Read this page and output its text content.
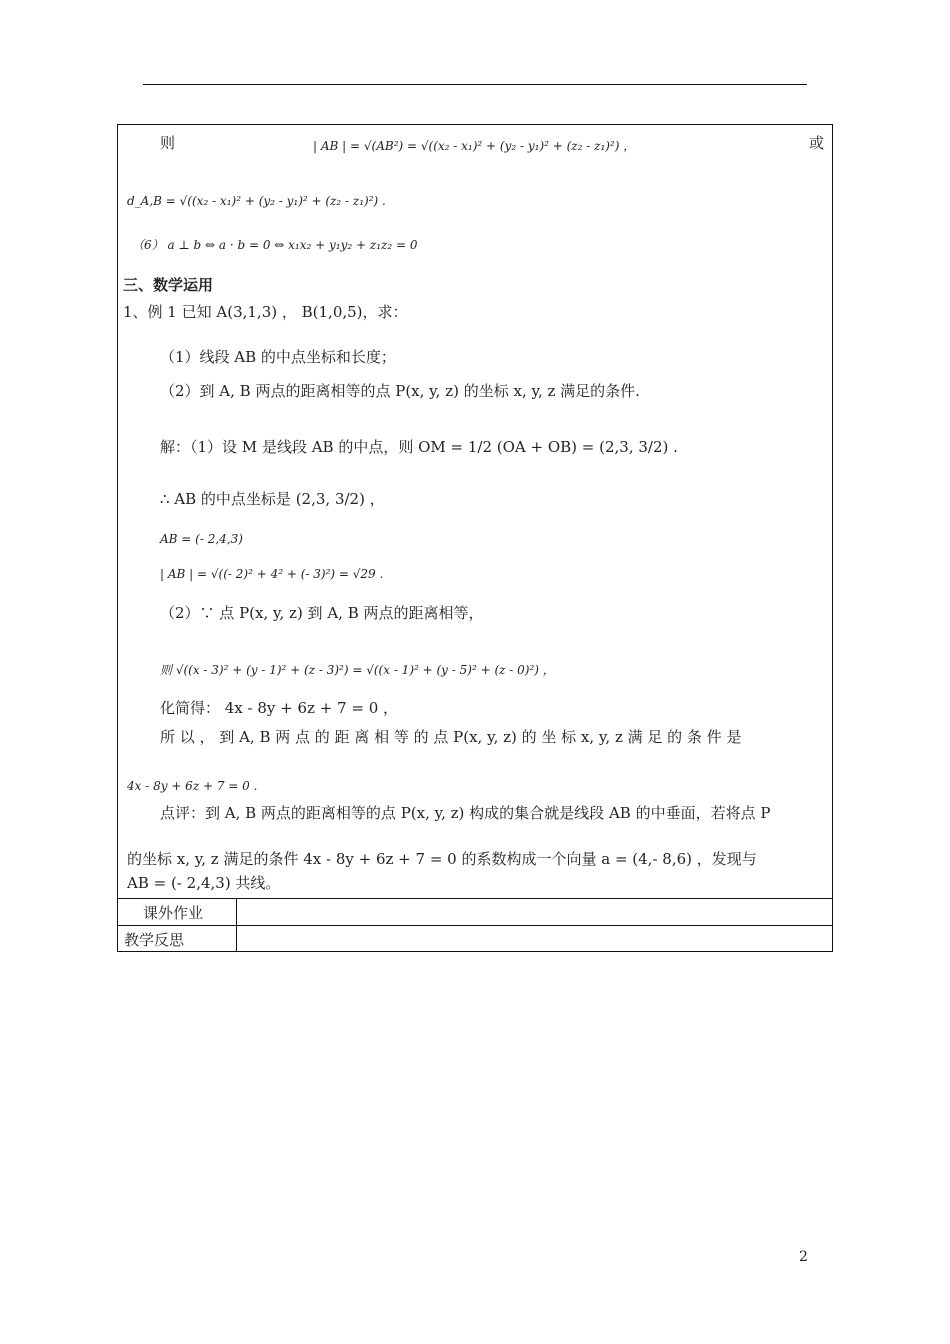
则	| AB | = √(AB²) = √((x₂ - x₁)² + (y₂ - y₁)² + (z₂ - z₁)²) ，	或
d_A,B = √((x₂ - x₁)² + (y₂ - y₁)² + (z₂ - z₁)²) .
（6） a ⊥ b ⇔ a · b = 0 ⇔ x₁x₂ + y₁y₂ + z₁z₂ = 0
三、数学运用
1、例 1 已知 A(3,1,3) ， B(1,0,5)，求：
（1）线段 AB 的中点坐标和长度；
（2）到 A, B 两点的距离相等的点 P(x, y, z) 的坐标 x, y, z 满足的条件.
解：（1）设 M 是线段 AB 的中点，则 OM = 1/2 (OA + OB) = (2,3, 3/2) .
∴ AB 的中点坐标是 (2,3, 3/2) ，
AB = (- 2,4,3)
| AB | = √((- 2)² + 4² + (- 3)²) = √29 .
（2）∵ 点 P(x, y, z) 到 A, B 两点的距离相等，
则 √((x - 3)² + (y - 1)² + (z - 3)²) = √((x - 1)² + (y - 5)² + (z - 0)²) ，
化简得： 4x - 8y + 6z + 7 = 0 ，
所 以 ， 到 A, B 两 点 的 距 离 相 等 的 点 P(x, y, z) 的 坐 标 x, y, z 满 足 的 条 件 是
4x - 8y + 6z + 7 = 0 .
点评：到 A, B 两点的距离相等的点 P(x, y, z) 构成的集合就是线段 AB 的中垂面，若将点 P
的坐标 x, y, z 满足的条件 4x - 8y + 6z + 7 = 0 的系数构成一个向量 a = (4,- 8,6) ，发现与
AB = (- 2,4,3) 共线。
课外作业
教学反思
2
